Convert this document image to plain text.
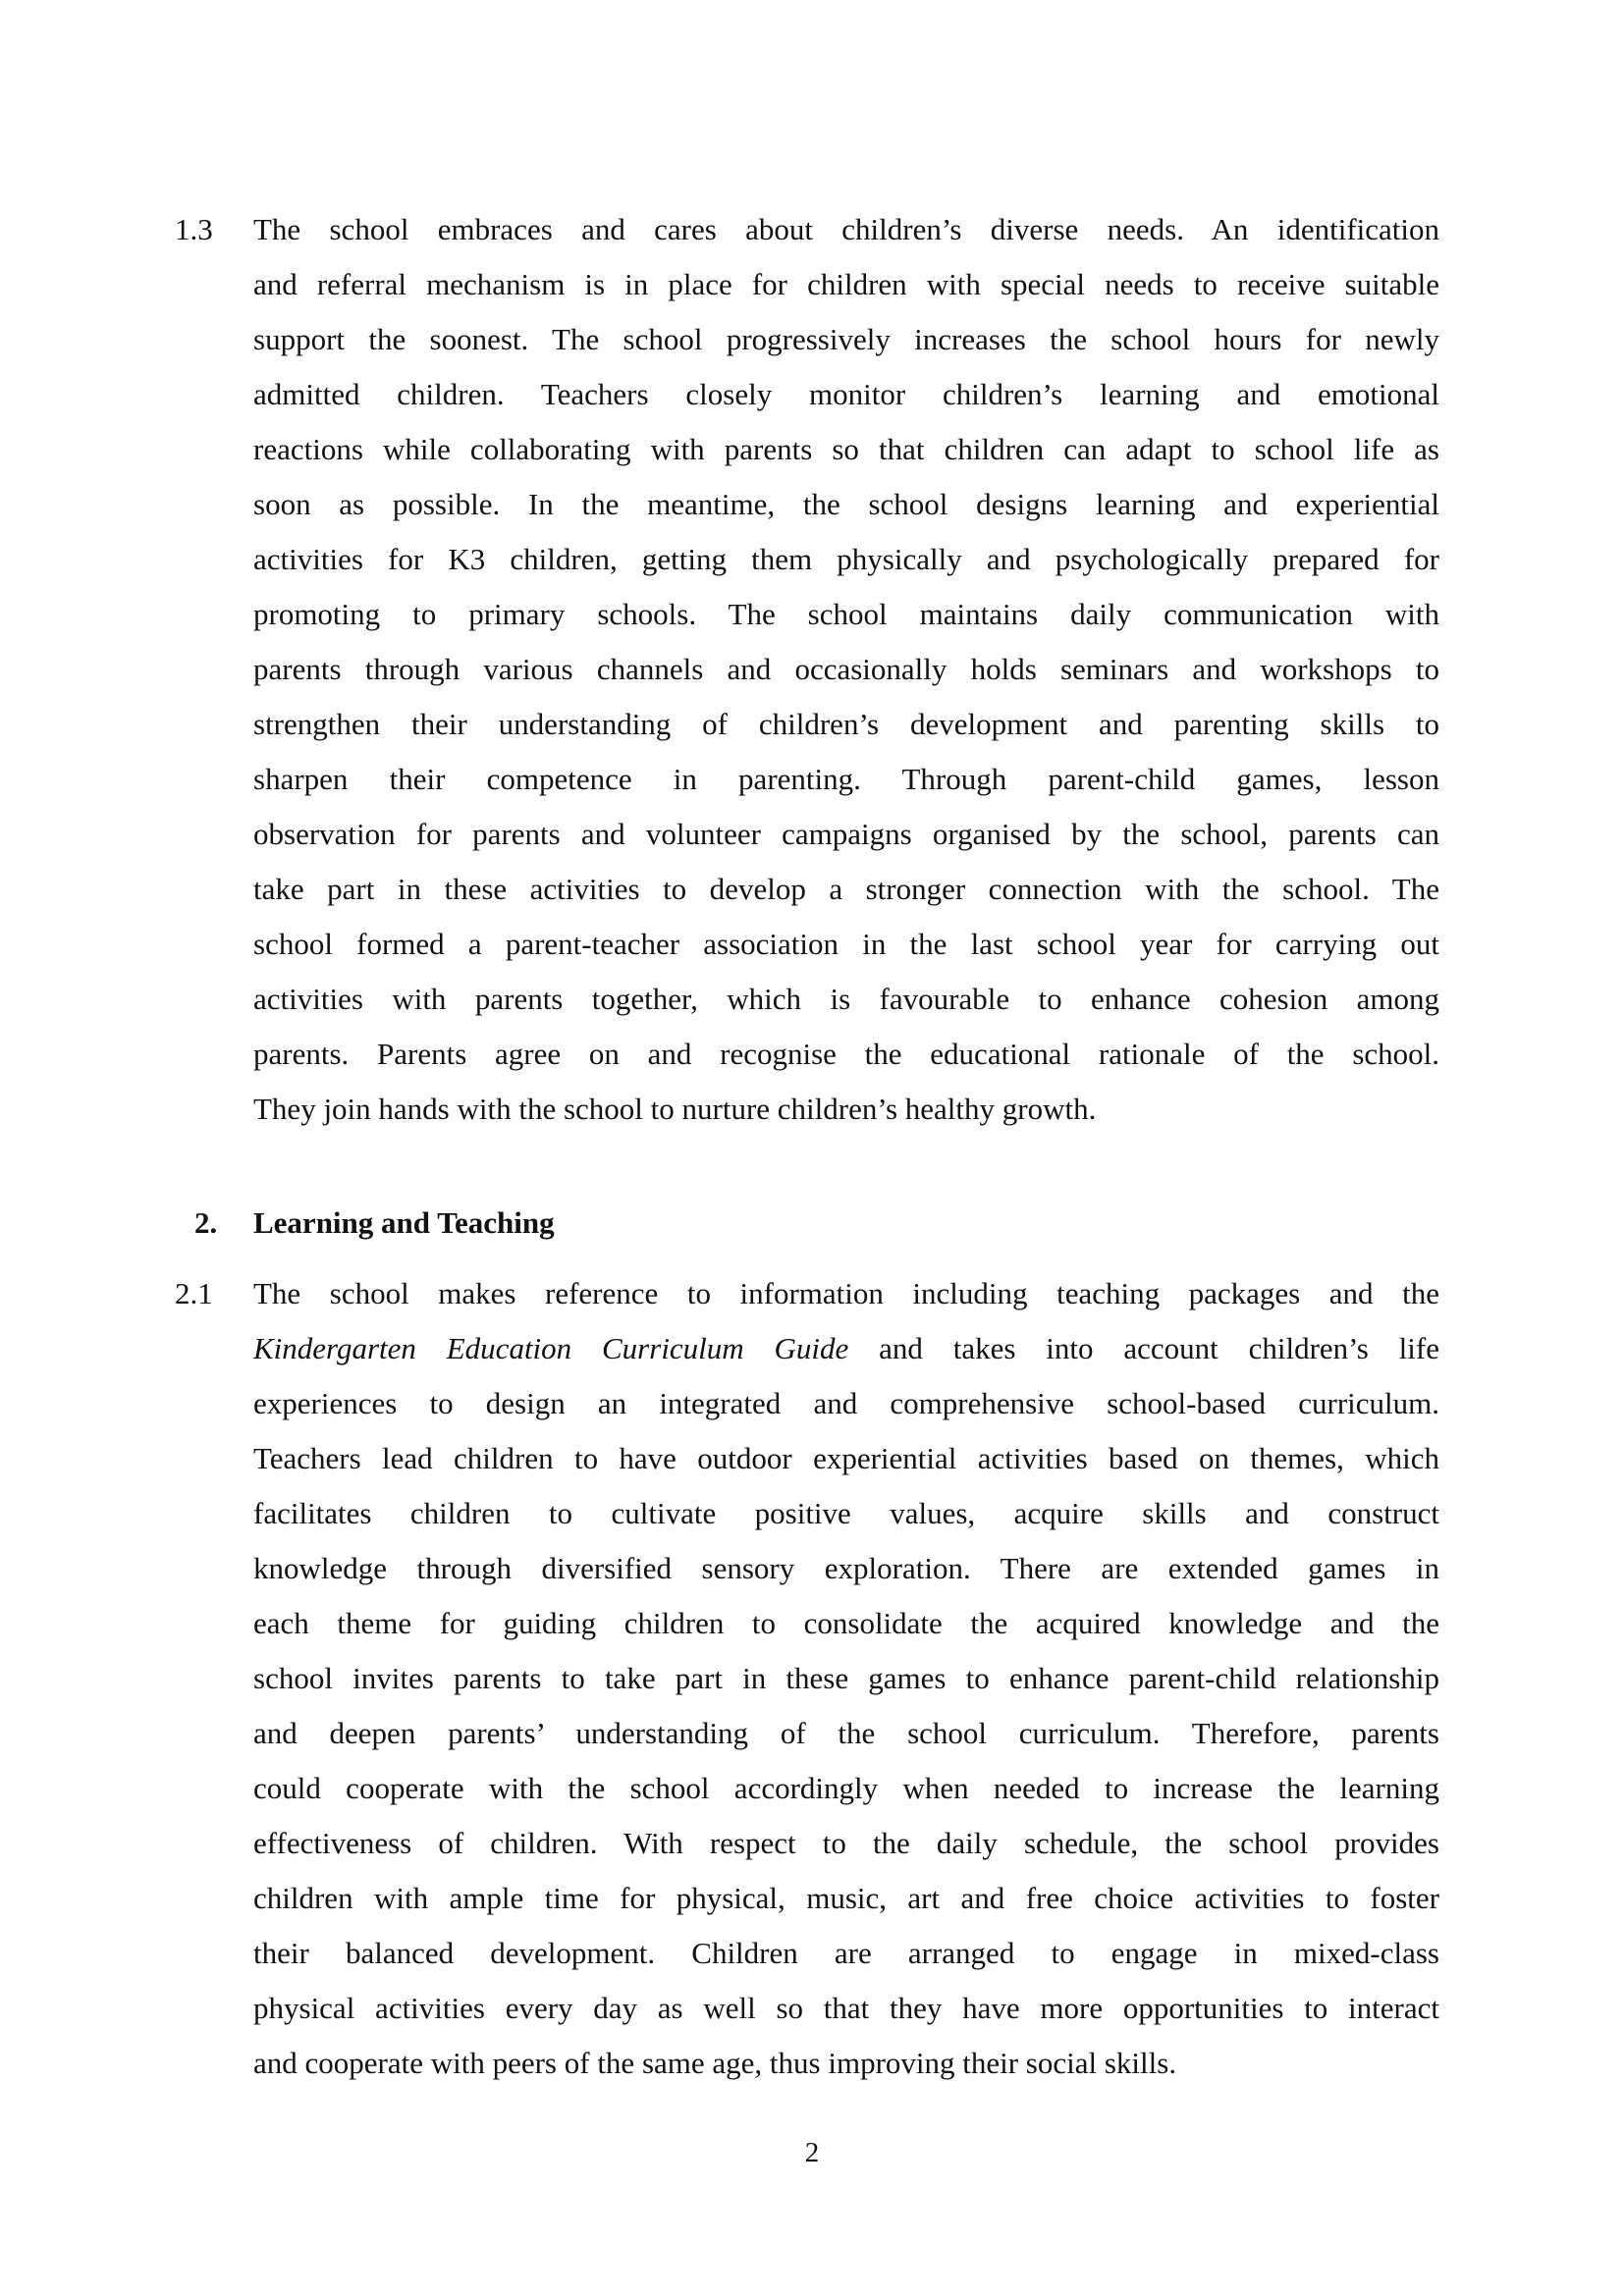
1.3	The school embraces and cares about children’s diverse needs. An identification
and referral mechanism is in place for children with special needs to receive suitable
support the soonest. The school progressively increases the school hours for newly
admitted children. Teachers closely monitor children’s learning and emotional
reactions while collaborating with parents so that children can adapt to school life as
soon as possible. In the meantime, the school designs learning and experiential
activities for K3 children, getting them physically and psychologically prepared for
promoting to primary schools. The school maintains daily communication with
parents through various channels and occasionally holds seminars and workshops to
strengthen their understanding of children’s development and parenting skills to
sharpen their competence in parenting. Through parent-child games, lesson
observation for parents and volunteer campaigns organised by the school, parents can
take part in these activities to develop a stronger connection with the school. The
school formed a parent-teacher association in the last school year for carrying out
activities with parents together, which is favourable to enhance cohesion among
parents. Parents agree on and recognise the educational rationale of the school.
They join hands with the school to nurture children’s healthy growth.
2. Learning and Teaching
2.1	The school makes reference to information including teaching packages and the
Kindergarten Education Curriculum Guide and takes into account children’s life
experiences to design an integrated and comprehensive school-based curriculum.
Teachers lead children to have outdoor experiential activities based on themes, which
facilitates children to cultivate positive values, acquire skills and construct
knowledge through diversified sensory exploration. There are extended games in
each theme for guiding children to consolidate the acquired knowledge and the
school invites parents to take part in these games to enhance parent-child relationship
and deepen parents’ understanding of the school curriculum. Therefore, parents
could cooperate with the school accordingly when needed to increase the learning
effectiveness of children. With respect to the daily schedule, the school provides
children with ample time for physical, music, art and free choice activities to foster
their balanced development. Children are arranged to engage in mixed-class
physical activities every day as well so that they have more opportunities to interact
and cooperate with peers of the same age, thus improving their social skills.
2
